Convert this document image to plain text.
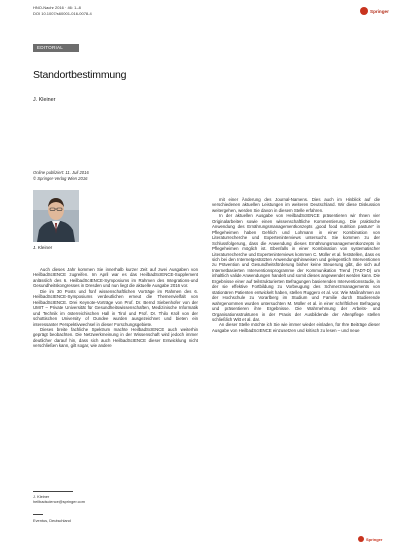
HNO-Nachr 2016 · 46: 1–8
DOI 10.1007/s60001-016-0078-4	Springer
EDITORIAL
Standortbestimmung
J. Kleiner
Online publiziert: 11. Juli 2016
© Springer-Verlag Wien 2016
J. Kleiner

Auch dieses Jahr kommen Sie innerhalb kurzer Zeit auf zwei Ausgaben von HeilbadScIENCE zugreifen. Im April war es das HeilbadScIENCE-Supplement anlässlich des 6. HeilbadScIENCE-Symposiums im Rahmen des Integrations-und Gesundheitskongresses in Dresden und nun liegt die aktuelle Ausgabe 2016 vor.

Die im 30 Posts und fünf wissenschaftlichen Vorträge im Rahmen des 6. HeilbadScIENCE-Symposiums verdeutlichen erneut die Themenvielfalt von HeilbadScIENCE. Drei Keynote-Vorträge von Prof. Dr. Bernd Siebenhofer von der UMIT – Private Universität für Gesundheitswissenschaften, Medizinische Informatik und Technik im österreichischen Hall in Tirol und Prof. Dr. Thilo Kroll von der schottischen University of Dundee wurden ausgezeichnet und bieten ein interessanter Perspektivwechsel in dieser Forschungsgebiete.

Dieses breite fachliche Spektrum machte HeilbadScIENCE auch weiterhin geprägt beobachten. Die Netzwerkmeinung in der Wissenschaft wird jedoch immer deutlicher darauf hin, dass sich auch HeilbadScIENCE dieser Entwicklung nicht verschließen kann, gilt sogar, wie andere

mit einer Änderung des Journal-Namens. Dies auch im Hinblick auf die verschiedenen aktuellen Leistungen im weiteren Deutschland. Wir diese Diskussion weitergehen, werden Sie davon in diesem Stelle erfahren.

In der aktuellen Ausgabe von HeilbadScIENCE präsentieren wir Ihnen vier Originalarbeiten sowie einen wissenschaftliche Kommentierung. Die praktische Anwendung des Ernährungsmanagementkonzepts „good food nutrition pasture“ in Pflegeheimen haben Gehlich und Lohmann in einer Kombination von Literaturrecherche und Experteninterviews untersucht. Sie kommen zu der Schlussfolgerung, dass die Anwendung dieses Ernährungsmanagementkonzepts in Pflegeheimen möglich ist. Ebenfalls in einer Kombination von systematischer Literaturrecherche und Experteninterviews kommen C. Müller et al. feststellen, dass es sich bei den Internetgestützten Anwendungshinweisen und gelegentlich Interventionen zu Prävention und Gesundheitsförderung bisher keine Steuerung gibt, die sich auf Internetbasierten Interventionsprogramme der Kommunikation Trend (TADT-D) um inhaltlich valide Anwendungen handelt und somit dieses angewendet werden kann. Die Ergebnisse einer auf teilstrukturierten Befragungen basierenden Interventionsstudie, in der sie effektive Fortbildung zu Vorbeugung des Schmerzmanagements von stationären Patienten entwickelt haben, stellen Ruggero et al. vor. Wie Maßnahmen an der Hochschule zu Vorarlberg im Studium und Familie durch Studierende wahrgenommen wurden untersuchten M. Müller et al. in einer schriftlichen Befragung und präsentieren ihre Ergebnisse. Die Wahrnehmung der Arbeits- und Organisationsstrukturen in der Praxis der Ausbildende der Altenpflege stellen schließlich Witt et al. dar.

An dieser Stelle möchte ich Sie wie immer wieder einladen, für Ihre Beiträge dieser Ausgabe von HeilbadScIENCE einzusetzen und kritisch zu lesen – und neue

J. Kleiner
heilbadscience@springer.com
Eventus, Deutschland
Springer
